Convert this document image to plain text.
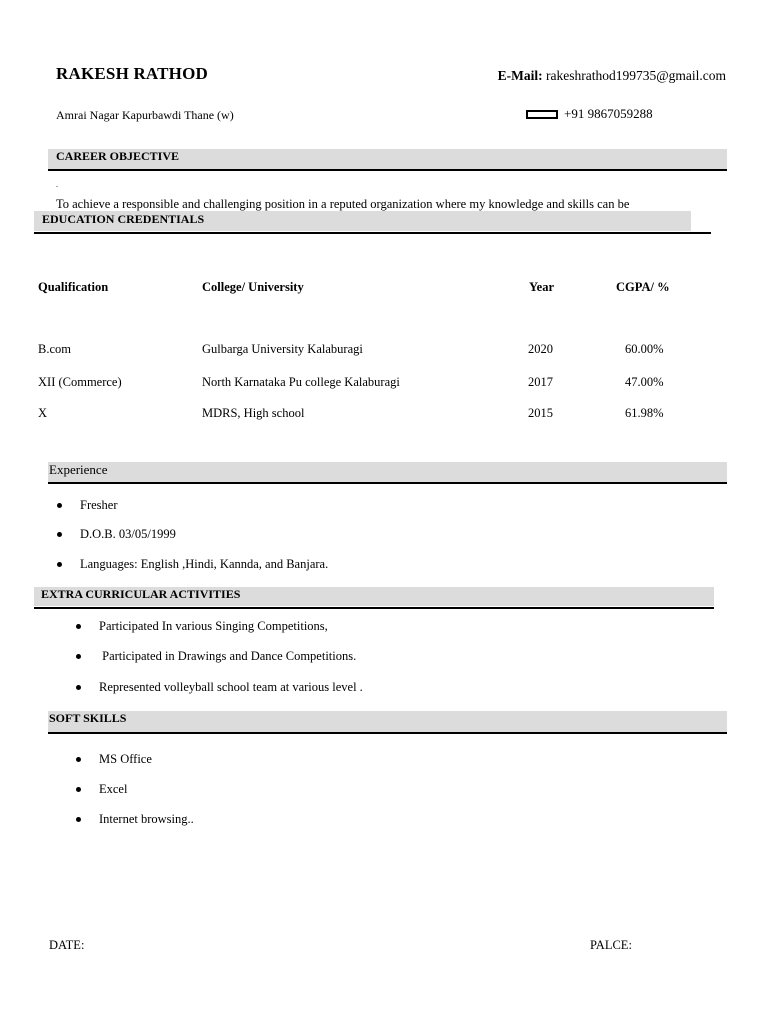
RAKESH RATHOD	E-Mail: rakeshrathod199735@gmail.com
Amrai Nagar Kapurbawdi Thane (w)	+91 9867059288
CAREER OBJECTIVE
.
To achieve a responsible and challenging position in a reputed organization where my knowledge and skills can be
EDUCATION CREDENTIALS
Qualification	College/ University	Year	CGPA/ %
B.com	Gulbarga University Kalaburagi	2020	60.00%
XII (Commerce)	North Karnataka Pu college Kalaburagi	2017	47.00%
X	MDRS, High school	2015	61.98%
Experience
Fresher
D.O.B. 03/05/1999
Languages: English ,Hindi, Kannda, and Banjara.
EXTRA CURRICULAR ACTIVITIES
Participated In various Singing Competitions,
Participated in Drawings and Dance Competitions.
Represented volleyball school team at various level .
SOFT SKILLS
MS Office
Excel
Internet browsing..
DATE:	PALCE:
